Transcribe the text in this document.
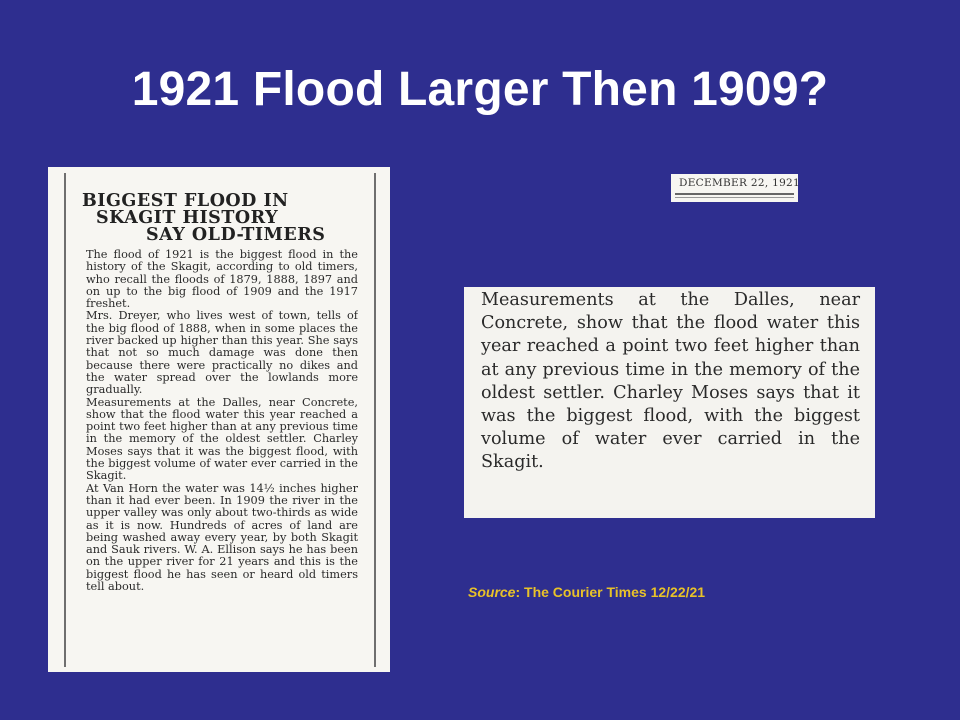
1921 Flood Larger Then 1909?
BIGGEST FLOOD IN
SKAGIT HISTORY
SAY OLD-TIMERS
The flood of 1921 is the biggest flood in the history of the Skagit, according to old timers, who recall the floods of 1879, 1888, 1897 and on up to the big flood of 1909 and the 1917 freshet.
Mrs. Dreyer, who lives west of town, tells of the big flood of 1888, when in some places the river backed up higher than this year. She says that not so much damage was done then because there were practically no dikes and the water spread over the lowlands more gradually.
Measurements at the Dalles, near Concrete, show that the flood water this year reached a point two feet higher than at any previous time in the memory of the oldest settler. Charley Moses says that it was the biggest flood, with the biggest volume of water ever carried in the Skagit.
At Van Horn the water was 14½ inches higher than it had ever been. In 1909 the river in the upper valley was only about two-thirds as wide as it is now. Hundreds of acres of land are being washed away every year, by both Skagit and Sauk rivers. W. A. Ellison says he has been on the upper river for 21 years and this is the biggest flood he has seen or heard old timers tell about.
DECEMBER 22, 1921
Measurements at the Dalles, near Concrete, show that the flood water this year reached a point two feet higher than at any previous time in the memory of the oldest settler. Charley Moses says that it was the biggest flood, with the biggest volume of water ever carried in the Skagit.
Source: The Courier Times 12/22/21
